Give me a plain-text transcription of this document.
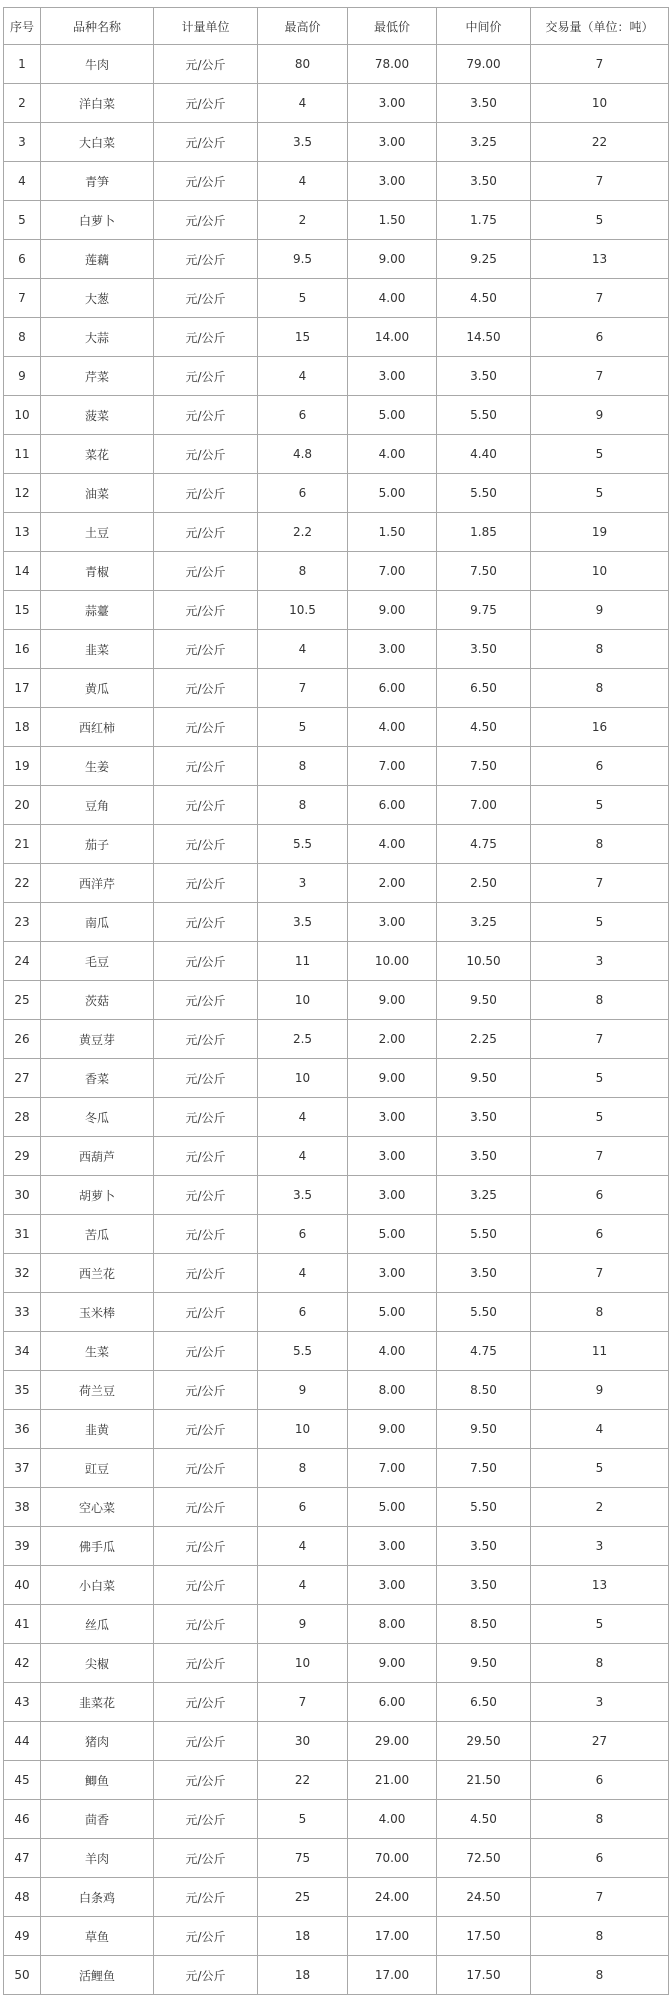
序号	品种名称	计量单位	最高价	最低价	中间价	交易量（单位：吨）
1	牛肉	元/公斤	80	78.00	79.00	7
2	洋白菜	元/公斤	4	3.00	3.50	10
3	大白菜	元/公斤	3.5	3.00	3.25	22
4	青笋	元/公斤	4	3.00	3.50	7
5	白萝卜	元/公斤	2	1.50	1.75	5
6	莲藕	元/公斤	9.5	9.00	9.25	13
7	大葱	元/公斤	5	4.00	4.50	7
8	大蒜	元/公斤	15	14.00	14.50	6
9	芹菜	元/公斤	4	3.00	3.50	7
10	菠菜	元/公斤	6	5.00	5.50	9
11	菜花	元/公斤	4.8	4.00	4.40	5
12	油菜	元/公斤	6	5.00	5.50	5
13	土豆	元/公斤	2.2	1.50	1.85	19
14	青椒	元/公斤	8	7.00	7.50	10
15	蒜薹	元/公斤	10.5	9.00	9.75	9
16	韭菜	元/公斤	4	3.00	3.50	8
17	黄瓜	元/公斤	7	6.00	6.50	8
18	西红柿	元/公斤	5	4.00	4.50	16
19	生姜	元/公斤	8	7.00	7.50	6
20	豆角	元/公斤	8	6.00	7.00	5
21	茄子	元/公斤	5.5	4.00	4.75	8
22	西洋芹	元/公斤	3	2.00	2.50	7
23	南瓜	元/公斤	3.5	3.00	3.25	5
24	毛豆	元/公斤	11	10.00	10.50	3
25	茨菇	元/公斤	10	9.00	9.50	8
26	黄豆芽	元/公斤	2.5	2.00	2.25	7
27	香菜	元/公斤	10	9.00	9.50	5
28	冬瓜	元/公斤	4	3.00	3.50	5
29	西葫芦	元/公斤	4	3.00	3.50	7
30	胡萝卜	元/公斤	3.5	3.00	3.25	6
31	苦瓜	元/公斤	6	5.00	5.50	6
32	西兰花	元/公斤	4	3.00	3.50	7
33	玉米棒	元/公斤	6	5.00	5.50	8
34	生菜	元/公斤	5.5	4.00	4.75	11
35	荷兰豆	元/公斤	9	8.00	8.50	9
36	韭黄	元/公斤	10	9.00	9.50	4
37	豇豆	元/公斤	8	7.00	7.50	5
38	空心菜	元/公斤	6	5.00	5.50	2
39	佛手瓜	元/公斤	4	3.00	3.50	3
40	小白菜	元/公斤	4	3.00	3.50	13
41	丝瓜	元/公斤	9	8.00	8.50	5
42	尖椒	元/公斤	10	9.00	9.50	8
43	韭菜花	元/公斤	7	6.00	6.50	3
44	猪肉	元/公斤	30	29.00	29.50	27
45	鲫鱼	元/公斤	22	21.00	21.50	6
46	茴香	元/公斤	5	4.00	4.50	8
47	羊肉	元/公斤	75	70.00	72.50	6
48	白条鸡	元/公斤	25	24.00	24.50	7
49	草鱼	元/公斤	18	17.00	17.50	8
50	活鲤鱼	元/公斤	18	17.00	17.50	8
